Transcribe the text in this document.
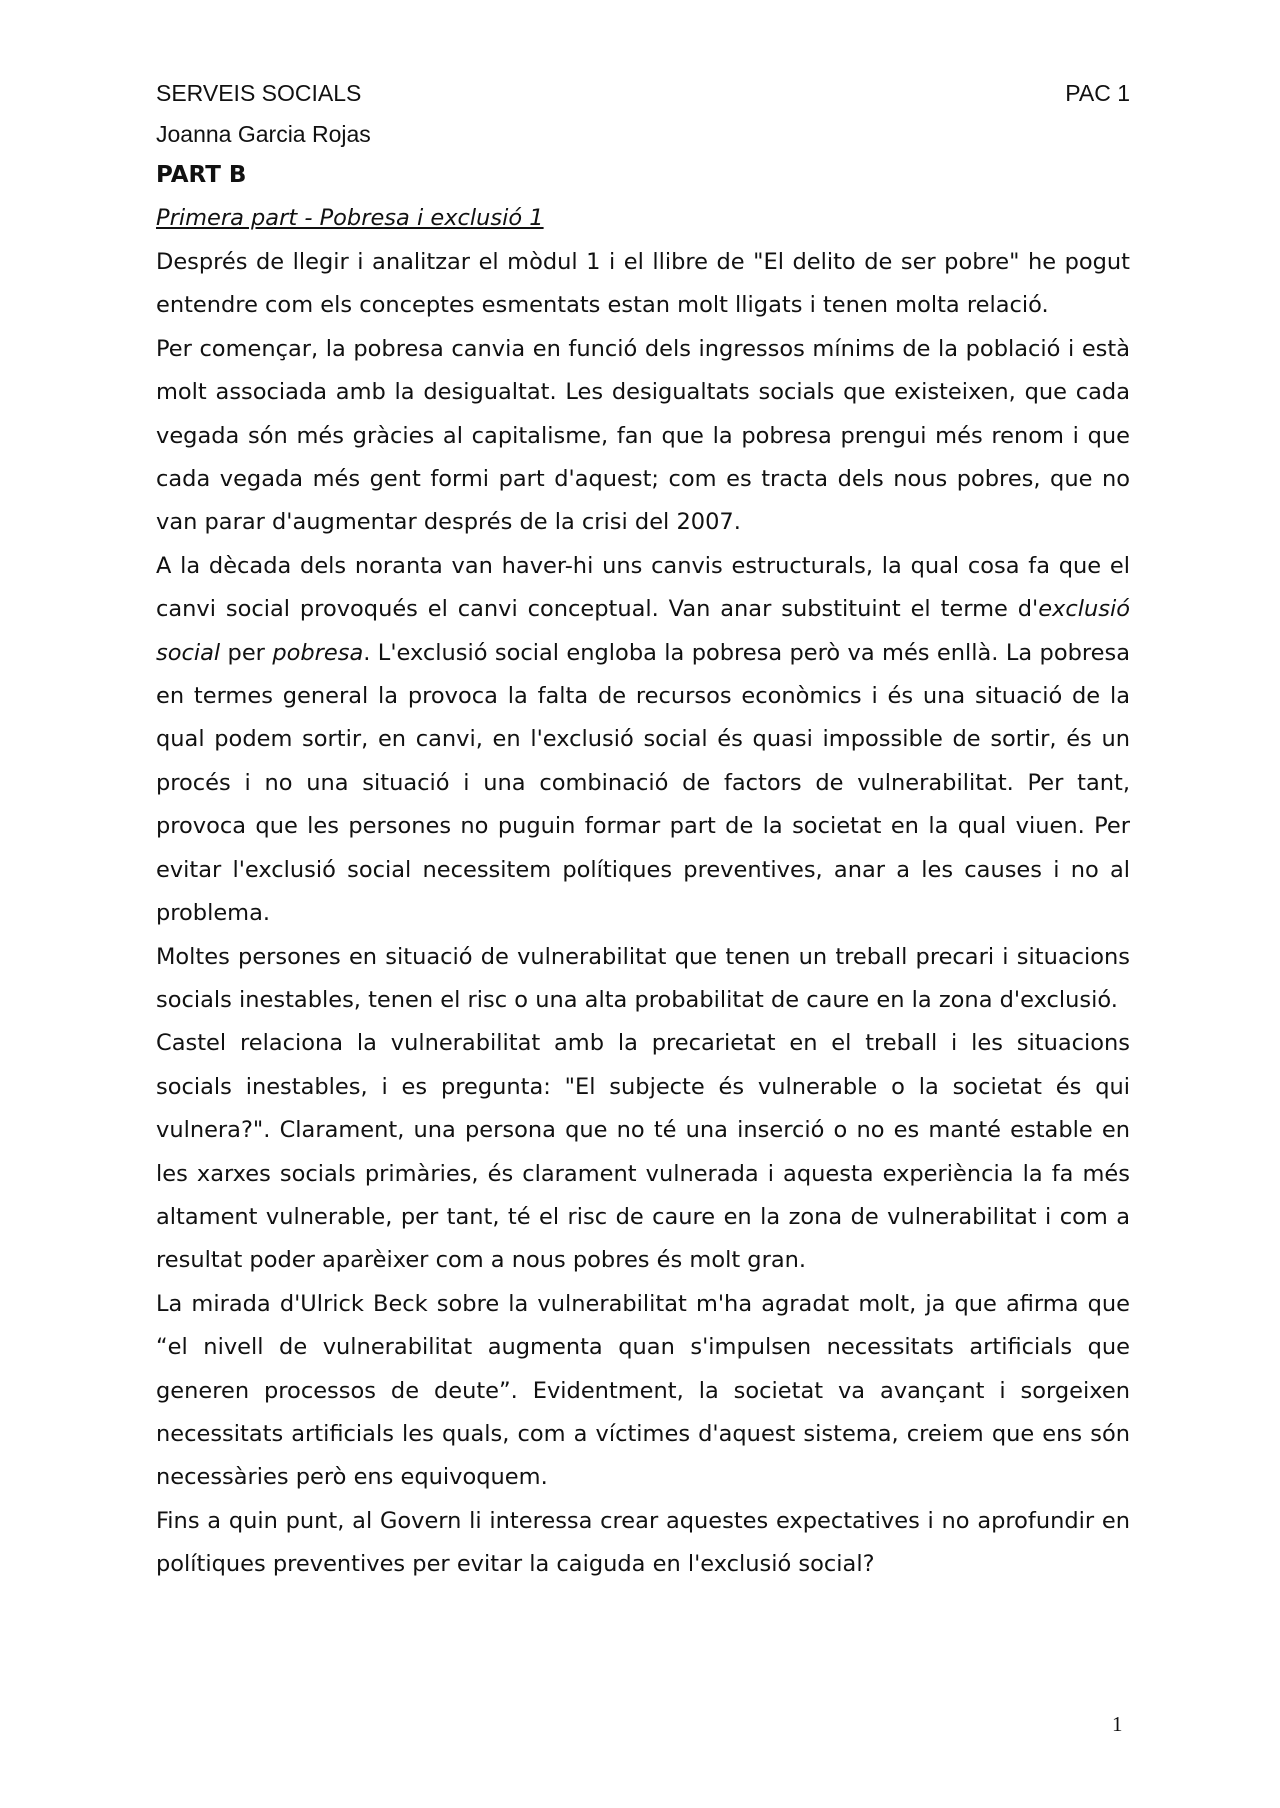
SERVEIS SOCIALS	PAC 1
Joanna Garcia Rojas
PART B
Primera part - Pobresa i exclusió 1

Després de llegir i analitzar el mòdul 1 i el llibre de "El delito de ser pobre" he pogut entendre com els conceptes esmentats estan molt lligats i tenen molta relació.

Per començar, la pobresa canvia en funció dels ingressos mínims de la població i està molt associada amb la desigualtat. Les desigualtats socials que existeixen, que cada vegada són més gràcies al capitalisme, fan que la pobresa prengui més renom i que cada vegada més gent formi part d'aquest; com es tracta dels nous pobres, que no van parar d'augmentar després de la crisi del 2007.

A la dècada dels noranta van haver-hi uns canvis estructurals, la qual cosa fa que el canvi social provoqués el canvi conceptual. Van anar substituint el terme d'exclusió social per pobresa. L'exclusió social engloba la pobresa però va més enllà. La pobresa en termes general la provoca la falta de recursos econòmics i és una situació de la qual podem sortir, en canvi, en l'exclusió social és quasi impossible de sortir, és un procés i no una situació i una combinació de factors de vulnerabilitat. Per tant, provoca que les persones no puguin formar part de la societat en la qual viuen. Per evitar l'exclusió social necessitem polítiques preventives, anar a les causes i no al problema.

Moltes persones en situació de vulnerabilitat que tenen un treball precari i situacions socials inestables, tenen el risc o una alta probabilitat de caure en la zona d'exclusió.

Castel relaciona la vulnerabilitat amb la precarietat en el treball i les situacions socials inestables, i es pregunta: "El subjecte és vulnerable o la societat és qui vulnera?". Clarament, una persona que no té una inserció o no es manté estable en les xarxes socials primàries, és clarament vulnerada i aquesta experiència la fa més altament vulnerable, per tant, té el risc de caure en la zona de vulnerabilitat i com a resultat poder aparèixer com a nous pobres és molt gran.

La mirada d'Ulrick Beck sobre la vulnerabilitat m'ha agradat molt, ja que afirma que “el nivell de vulnerabilitat augmenta quan s'impulsen necessitats artificials que generen processos de deute”. Evidentment, la societat va avançant i sorgeixen necessitats artificials les quals, com a víctimes d'aquest sistema, creiem que ens són necessàries però ens equivoquem.

Fins a quin punt, al Govern li interessa crear aquestes expectatives i no aprofundir en polítiques preventives per evitar la caiguda en l'exclusió social?

1
